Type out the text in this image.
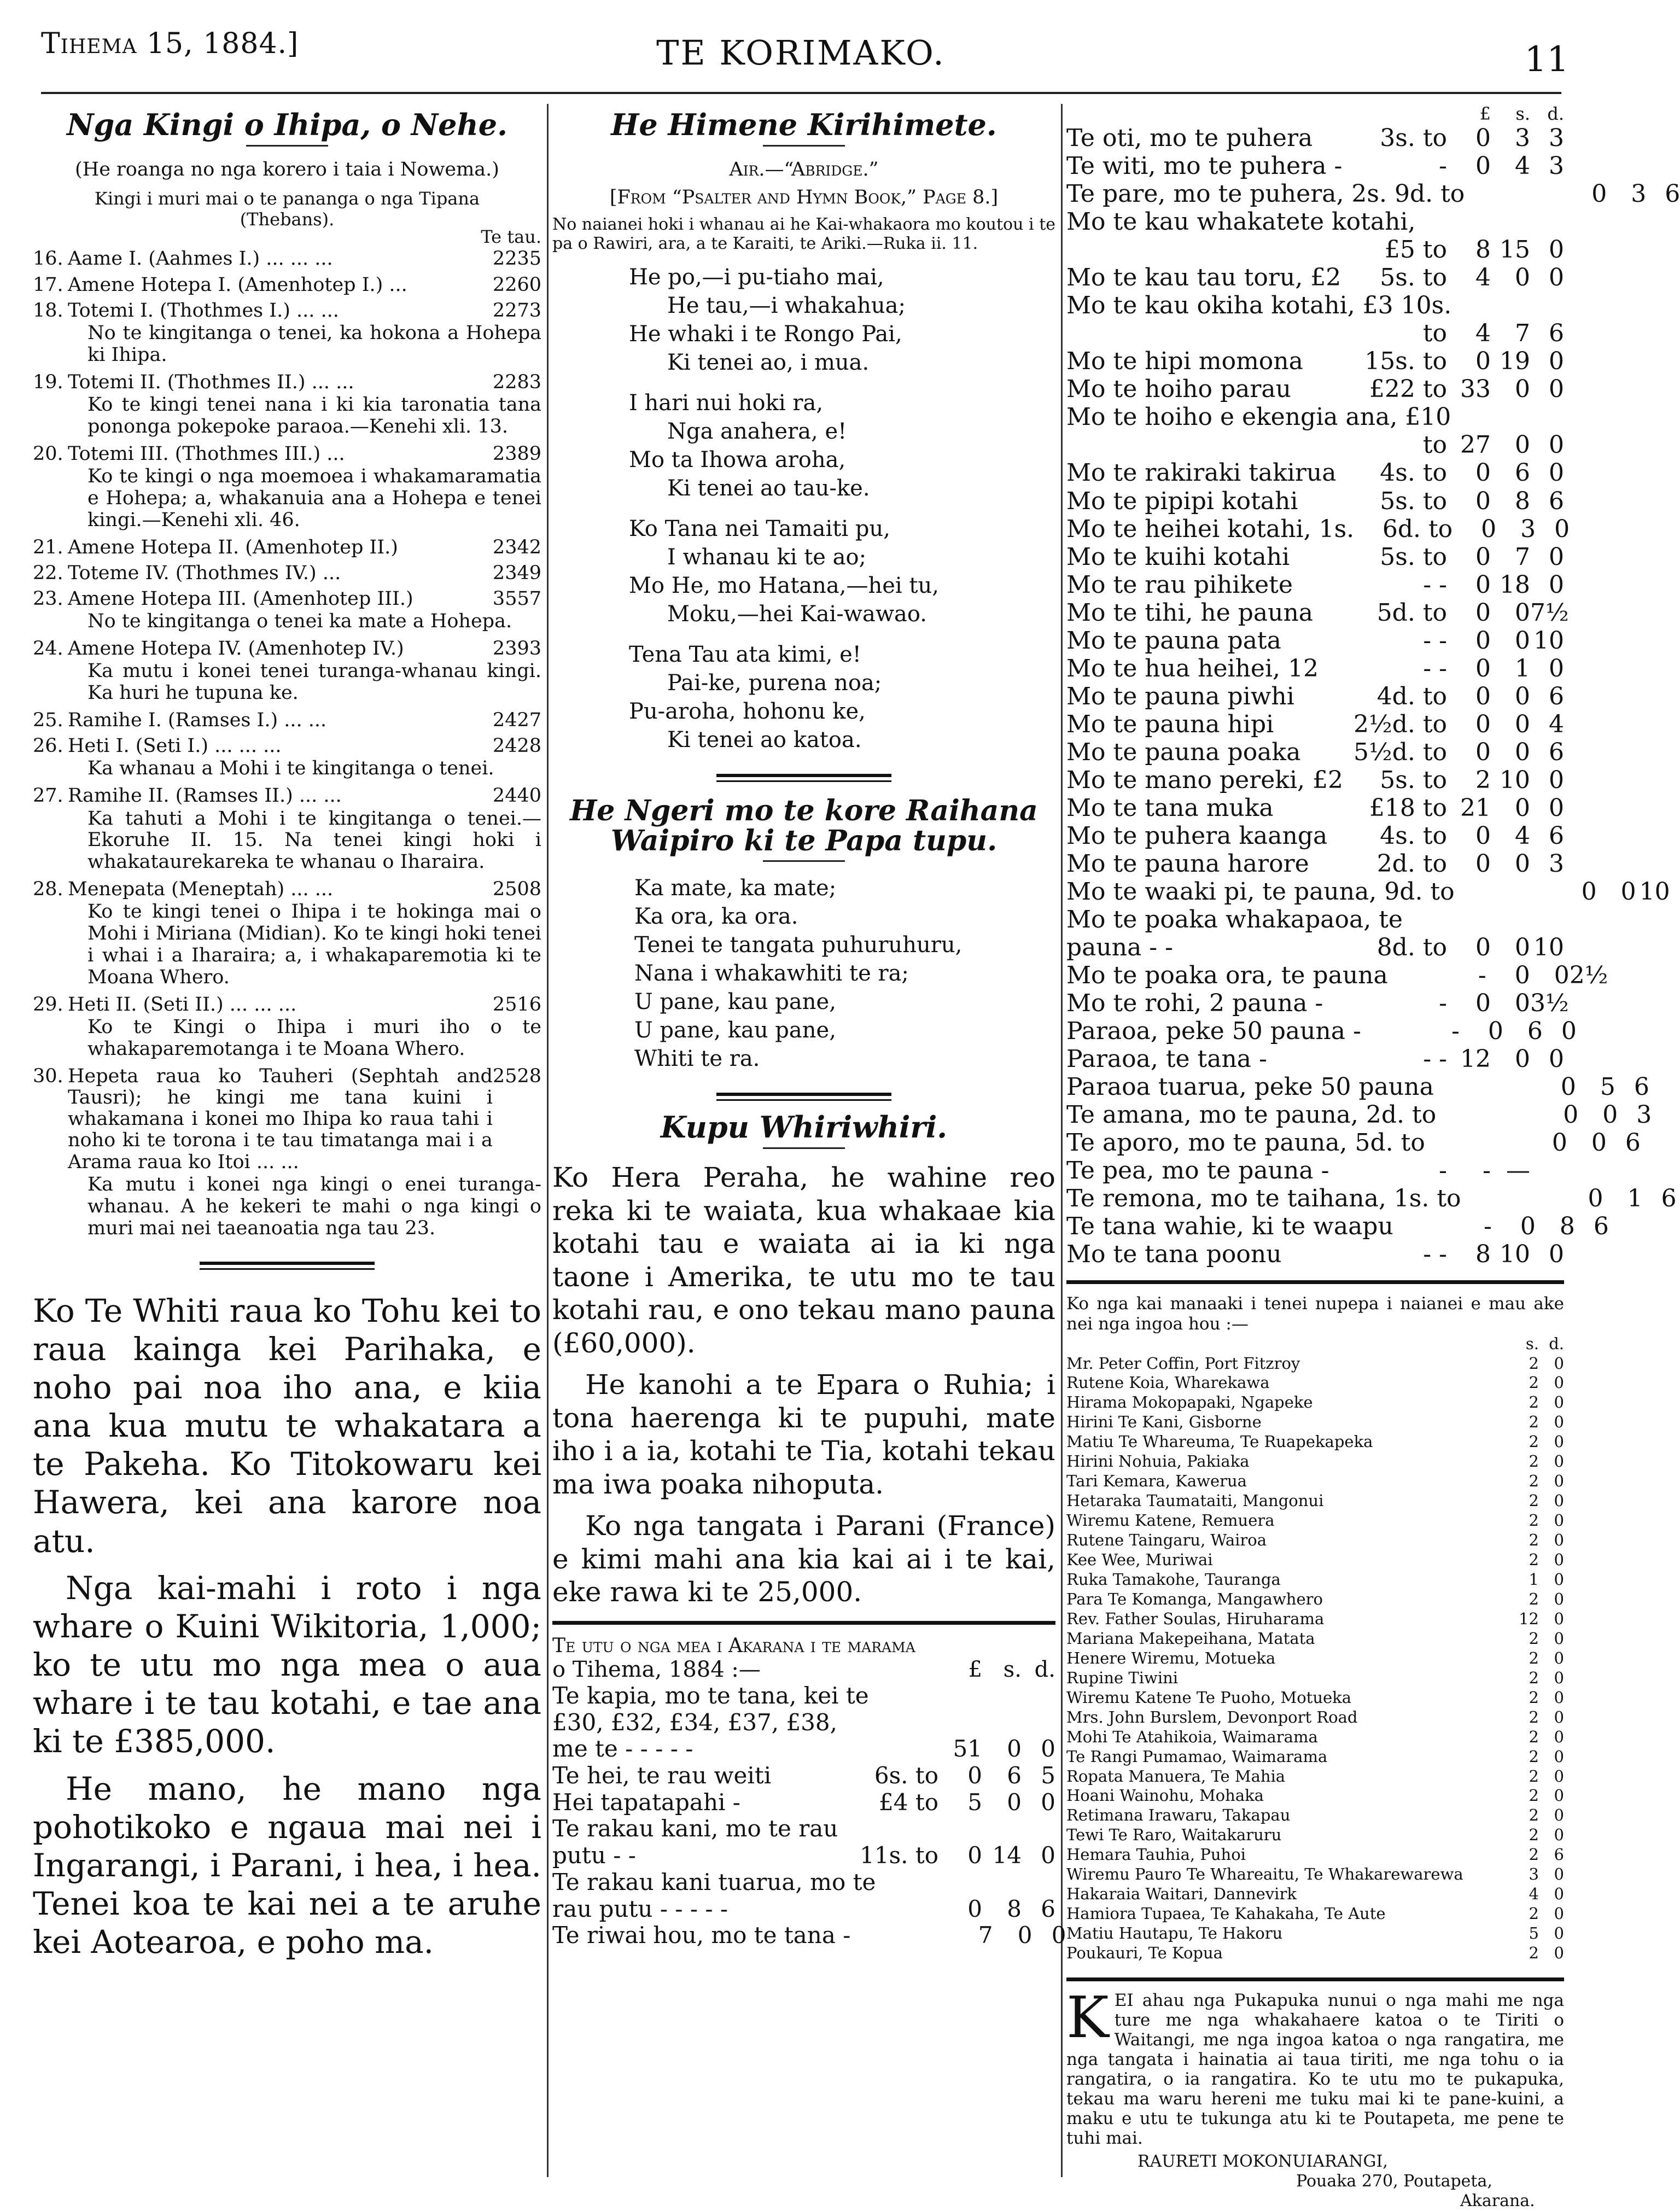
Tihema 15, 1884.]	TE KORIMAKO.	11
Nga Kingi o Ihipa, o Nehe.
(He roanga no nga korero i taia i Nowema.)
Kingi i muri mai o te pananga o nga Tipana (Thebans).
Te tau.
16. Aame I. (Aahmes I.) ... ... ...	2235
17. Amene Hotepa I. (Amenhotep I.) ...	2260
18. Totemi I. (Thothmes I.) ... ...	2273
No te kingitanga o tenei, ka hokona a Hohepa ki Ihipa.
19. Totemi II. (Thothmes II.) ... ...	2283
Ko te kingi tenei nana i ki kia taronatia tana pononga pokepoke paraoa.—Kenehi xli. 13.
20. Totemi III. (Thothmes III.) ...	2389
Ko te kingi o nga moemoea i whakamaramatia e Hohepa; a, whakanuia ana a Hohepa e tenei kingi.—Kenehi xli. 46.
21. Amene Hotepa II. (Amenhotep II.)	2342
22. Toteme IV. (Thothmes IV.) ...	2349
23. Amene Hotepa III. (Amenhotep III.)	3557
No te kingitanga o tenei ka mate a Hohepa.
24. Amene Hotepa IV. (Amenhotep IV.)	2393
Ka mutu i konei tenei turanga-whanau kingi. Ka huri he tupuna ke.
25. Ramihe I. (Ramses I.) ... ...	2427
26. Heti I. (Seti I.) ... ... ...	2428
Ka whanau a Mohi i te kingitanga o tenei.
27. Ramihe II. (Ramses II.) ... ...	2440
Ka tahuti a Mohi i te kingitanga o tenei.—Ekoruhe II. 15. Na tenei kingi hoki i whakataurekareka te whanau o Iharaira.
28. Menepata (Meneptah) ... ...	2508
Ko te kingi tenei o Ihipa i te hokinga mai o Mohi i Miriana (Midian). Ko te kingi hoki tenei i whai i a Iharaira; a, i whakaparemotia ki te Moana Whero.
29. Heti II. (Seti II.) ... ... ...	2516
Ko te Kingi o Ihipa i muri iho o te whakaparemotanga i te Moana Whero.
30. Hepeta raua ko Tauheri (Sephtah and Tausri); he kingi me tana kuini i whakamana i konei mo Ihipa ko raua tahi i noho ki te torona i te tau timatanga mai i a Arama raua ko Itoi ... ...
2528
Ka mutu i konei nga kingi o enei turanga-whanau. A he kekeri te mahi o nga kingi o muri mai nei taeanoatia nga tau 23.
Ko Te Whiti raua ko Tohu kei to raua kainga kei Parihaka, e noho pai noa iho ana, e kiia ana kua mutu te whakatara a te Pakeha. Ko Titokowaru kei Hawera, kei ana karore noa atu.
Nga kai-mahi i roto i nga whare o Kuini Wikitoria, 1,000; ko te utu mo nga mea o aua whare i te tau kotahi, e tae ana ki te £385,000.
He mano, he mano nga pohotikoko e ngaua mai nei i Ingarangi, i Parani, i hea, i hea. Tenei koa te kai nei a te aruhe kei Aotearoa, e poho ma.
He Himene Kirihimete.
Air.—“Abridge.”
[From “Psalter and Hymn Book,” Page 8.]
No naianei hoki i whanau ai he Kai-whakaora mo koutou i te pa o Rawiri, ara, a te Karaiti, te Ariki.—Ruka ii. 11.
He po,—i pu-tiaho mai,
He tau,—i whakahua;
He whaki i te Rongo Pai,
Ki tenei ao, i mua.
I hari nui hoki ra,
Nga anahera, e!
Mo ta Ihowa aroha,
Ki tenei ao tau-ke.
Ko Tana nei Tamaiti pu,
I whanau ki te ao;
Mo He, mo Hatana,—hei tu,
Moku,—hei Kai-wawao.
Tena Tau ata kimi, e!
Pai-ke, purena noa;
Pu-aroha, hohonu ke,
Ki tenei ao katoa.
He Ngeri mo te kore Raihana Waipiro ki te Papa tupu.
Ka mate, ka mate;
Ka ora, ka ora.
Tenei te tangata puhuruhuru,
Nana i whakawhiti te ra;
U pane, kau pane,
U pane, kau pane,
Whiti te ra.
Kupu Whiriwhiri.
Ko Hera Peraha, he wahine reo reka ki te waiata, kua whakaae kia kotahi tau e waiata ai ia ki nga taone i Amerika, te utu mo te tau kotahi rau, e ono tekau mano pauna (£60,000).
He kanohi a te Epara o Ruhia; i tona haerenga ki te pupuhi, mate iho i a ia, kotahi te Tia, kotahi tekau ma iwa poaka nihoputa.
Ko nga tangata i Parani (France) e kimi mahi ana kia kai ai i te kai, eke rawa ki te 25,000.
Te utu o nga mea i Akarana i te marama
o Tihema, 1884 :—	£ s. d.
Te kapia, mo te tana, kei te
£30, £32, £34, £37, £38,
me te - - - - -	51	0 0
Te hei, te rau weiti	6s. to	0	6 5
Hei tapatapahi -	£4 to	5	0 0
Te rakau kani, mo te rau
putu - -	11s. to	0 14 0
Te rakau kani tuarua, mo te
rau putu - - - - -	0	8 6
Te riwai hou, mo te tana -	7	0 0
£	s. d.
Te oti, mo te puhera	3s. to	0	3 3
Te witi, mo te puhera -	-	0	4 3
Te pare, mo te puhera, 2s. 9d. to	0	3 6
Mo te kau whakatete kotahi,

£5 to	8 15 0
Mo te kau tau toru, £2	5s. to	4	0 0
Mo te kau okiha kotahi, £3 10s.

to	4	7 6
Mo te hipi momona	15s. to	0 19 0
Mo te hoiho parau	£22 to 33	0 0
Mo te hoiho e ekengia ana, £10

to 27	0 0
Mo te rakiraki takirua	4s. to	0	6 0
Mo te pipipi kotahi	5s. to	0	8 6
Mo te heihei kotahi, 1s.	6d. to	0	3 0
Mo te kuihi kotahi	5s. to	0	7 0
Mo te rau pihikete	- -	0 18 0
Mo te tihi, he pauna	5d. to	0	0 7½
Mo te pauna pata	- -	0	0 10
Mo te hua heihei, 12	- -	0	1 0
Mo te pauna piwhi	4d. to	0	0 6
Mo te pauna hipi	2½d. to	0	0 4
Mo te pauna poaka	5½d. to	0	0 6
Mo te mano pereki, £2	5s. to	2 10 0
Mo te tana muka	£18 to 21	0 0
Mo te puhera kaanga	4s. to	0	4 6
Mo te pauna harore	2d. to	0	0 3
Mo te waaki pi, te pauna, 9d. to	0	0 10
Mo te poaka whakapaoa, te
pauna - -	8d. to	0	0 10
Mo te poaka ora, te pauna	-	0	0 2½
Mo te rohi, 2 pauna -	-	0	0 3½
Paraoa, peke 50 pauna -	-	0	6 0
Paraoa, te tana -	- - 12	0 0
Paraoa tuarua, peke 50 pauna	0	5 6
Te amana, mo te pauna, 2d. to	0	0 3
Te aporo, mo te pauna, 5d. to	0	0 6
Te pea, mo te pauna -	-	- —
Te remona, mo te taihana, 1s. to	0	1 6
Te tana wahie, ki te waapu	-	0	8 6
Mo te tana poonu	- -	8 10 0
Ko nga kai manaaki i tenei nupepa i naianei e mau ake nei nga ingoa hou :—
s. d.
Mr. Peter Coffin, Port Fitzroy	2 0
Rutene Koia, Wharekawa	2 0
Hirama Mokopapaki, Ngapeke	2 0
Hirini Te Kani, Gisborne	2 0
Matiu Te Whareuma, Te Ruapekapeka	2 0
Hirini Nohuia, Pakiaka	2 0
Tari Kemara, Kaweruа	2 0
Hetaraka Taumataiti, Mangonui	2 0
Wiremu Katene, Remuera	2 0
Rutene Taingaru, Wairoa	2 0
Kee Wee, Muriwai	2 0
Ruka Tamakohe, Tauranga	1 0
Para Te Komanga, Mangawhero	2 0
Rev. Father Soulas, Hiruharama	12 0
Mariana Makepeihana, Matata	2 0
Henere Wiremu, Motueka	2 0
Rupine Tiwini	2 0
Wiremu Katene Te Puoho, Motueka	2 0
Mrs. John Burslem, Devonport Road	2 0
Mohi Te Atahikoia, Waimarama	2 0
Te Rangi Pumamao, Waimarama	2 0
Ropata Manuera, Te Mahia	2 0
Hoani Wainohu, Mohaka	2 0
Retimana Irawaru, Takapau	2 0
Tewi Te Raro, Waitakaruru	2 0
Hemara Tauhia, Puhoi	2 6
Wiremu Pauro Te Whareaitu, Te Whakarewarewa	3 0
Hakaraia Waitari, Dannevirk	4 0
Hamiora Tupaea, Te Kahakaha, Te Aute	2 0
Matiu Hautapu, Te Hakoru	5 0
Poukauri, Te Kopua	2 0
K EI ahau nga Pukapuka nunui o nga mahi me nga ture me nga whakahaere katoa o te Tiriti o Waitangi, me nga ingoa katoa o nga rangatira, me nga tangata i hainatia ai taua tiriti, me nga tohu o ia rangatira, o ia rangatira. Ko te utu mo te pukapuka, tekau ma waru hereni me tuku mai ki te pane-kuini, a maku e utu te tukunga atu ki te Poutapeta, me pene te tuhi mai.
RAURETI MOKONUIARANGI,
Pouaka 270, Poutapeta,
Akarana.
